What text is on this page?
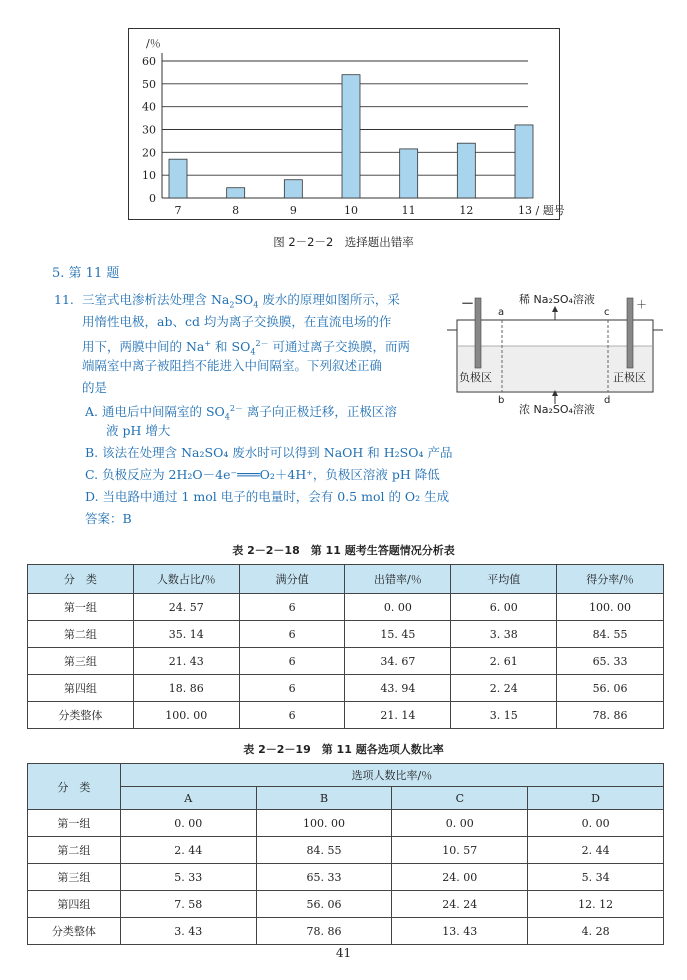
0
10
20
30
40
50
60
/％
7	8	9	10	11	12	13 / 题号
图 2－2－2　选择题出错率
5. 第 11 题
11. 三室式电渗析法处理含 $Na_2SO_4$ 废水的原理如图所示，采
用惰性电极，ab、cd 均为离子交换膜，在直流电场的作
用下，两膜中间的 Na+ 和 $SO_4^{2-}$ 可通过离子交换膜，而两
端隔室中离子被阻挡不能进入中间隔室。下列叙述正确
的是
A. 通电后中间隔室的 $SO_4^{2-}$ 离子向正极迁移，正极区溶
液 pH 增大
B. 该法在处理含 Na₂SO₄ 废水时可以得到 NaOH 和 H₂SO₄ 产品
C. 负极反应为 2H₂O－4e⁻═══O₂＋4H⁺，负极区溶液 pH 降低
D. 当电路中通过 1 mol 电子的电量时，会有 0.5 mol 的 O₂ 生成
答案：B
稀 Na₂SO₄溶液
浓 Na₂SO₄溶液
负极区	正极区
－	＋
a
b
c
d
表 2－2－18　第 11 题考生答题情况分析表
分　类	人数占比/％	满分值	出错率/％	平均值	得分率/％
第一组	24. 57	6	0. 00	6. 00	100. 00
第二组	35. 14	6	15. 45	3. 38	84. 55
第三组	21. 43	6	34. 67	2. 61	65. 33
第四组	18. 86	6	43. 94	2. 24	56. 06
分类整体	100. 00	6	21. 14	3. 15	78. 86
表 2－2－19　第 11 题各选项人数比率
分　类	选项人数比率/％			
	A	B	C	D
第一组	0. 00	100. 00	0. 00	0. 00
第二组	2. 44	84. 55	10. 57	2. 44
第三组	5. 33	65. 33	24. 00	5. 34
第四组	7. 58	56. 06	24. 24	12. 12
分类整体	3. 43	78. 86	13. 43	4. 28
41
